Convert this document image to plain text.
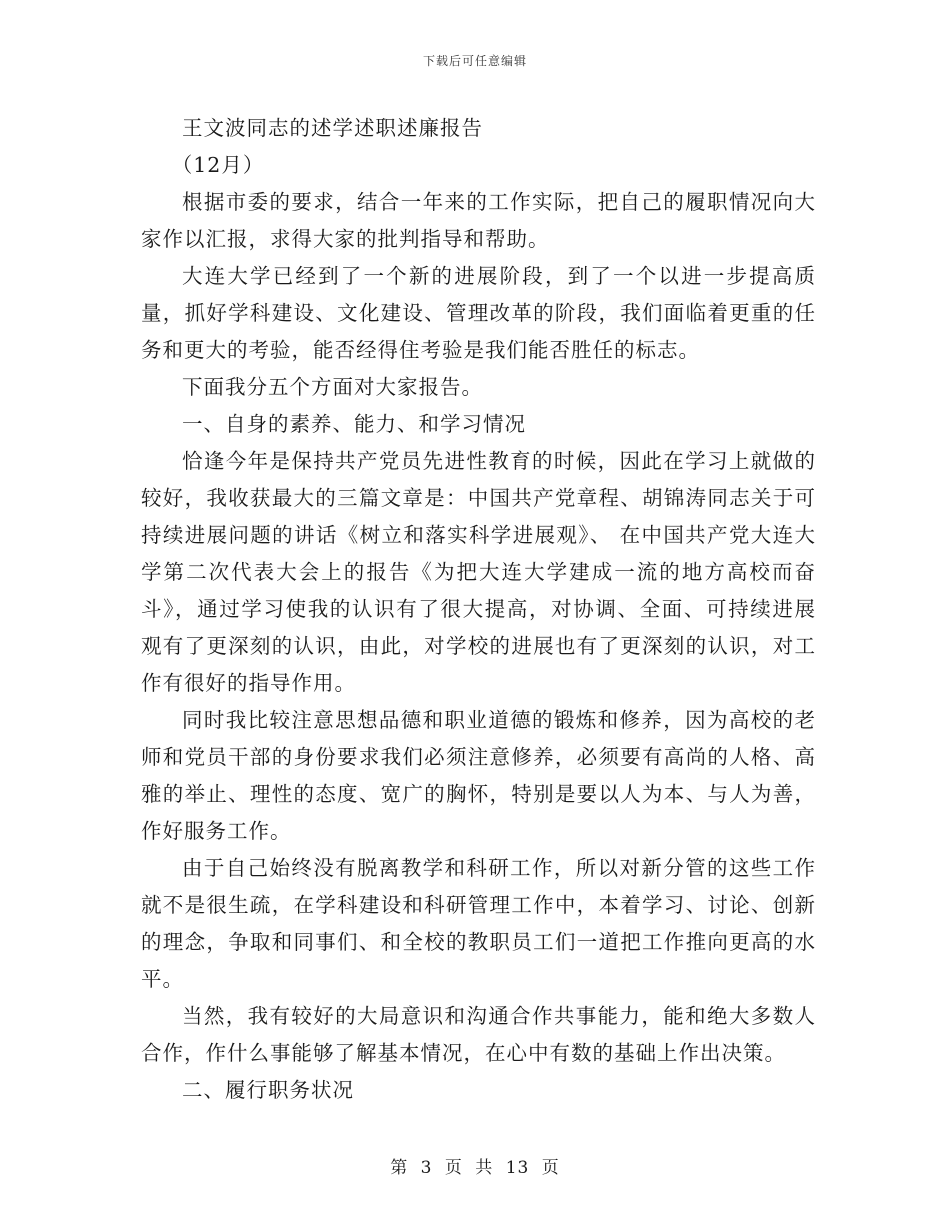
下载后可任意编辑

王文波同志的述学述职述廉报告

（12月）

根据市委的要求，结合一年来的工作实际，把自己的履职情况向大家作以汇报，求得大家的批判指导和帮助。

大连大学已经到了一个新的进展阶段，到了一个以进一步提高质量，抓好学科建设、文化建设、管理改革的阶段，我们面临着更重的任务和更大的考验，能否经得住考验是我们能否胜任的标志。

下面我分五个方面对大家报告。

一、自身的素养、能力、和学习情况

恰逢今年是保持共产党员先进性教育的时候，因此在学习上就做的较好，我收获最大的三篇文章是：中国共产党章程、胡锦涛同志关于可持续进展问题的讲话《树立和落实科学进展观》、 在中国共产党大连大学第二次代表大会上的报告《为把大连大学建成一流的地方高校而奋斗》，通过学习使我的认识有了很大提高，对协调、全面、可持续进展观有了更深刻的认识，由此，对学校的进展也有了更深刻的认识，对工作有很好的指导作用。

同时我比较注意思想品德和职业道德的锻炼和修养，因为高校的老师和党员干部的身份要求我们必须注意修养，必须要有高尚的人格、高雅的举止、理性的态度、宽广的胸怀，特别是要以人为本、与人为善，作好服务工作。

由于自己始终没有脱离教学和科研工作，所以对新分管的这些工作就不是很生疏，在学科建设和科研管理工作中，本着学习、讨论、创新的理念，争取和同事们、和全校的教职员工们一道把工作推向更高的水平。

当然，我有较好的大局意识和沟通合作共事能力，能和绝大多数人合作，作什么事能够了解基本情况，在心中有数的基础上作出决策。

二、履行职务状况

第 3 页 共 13 页
